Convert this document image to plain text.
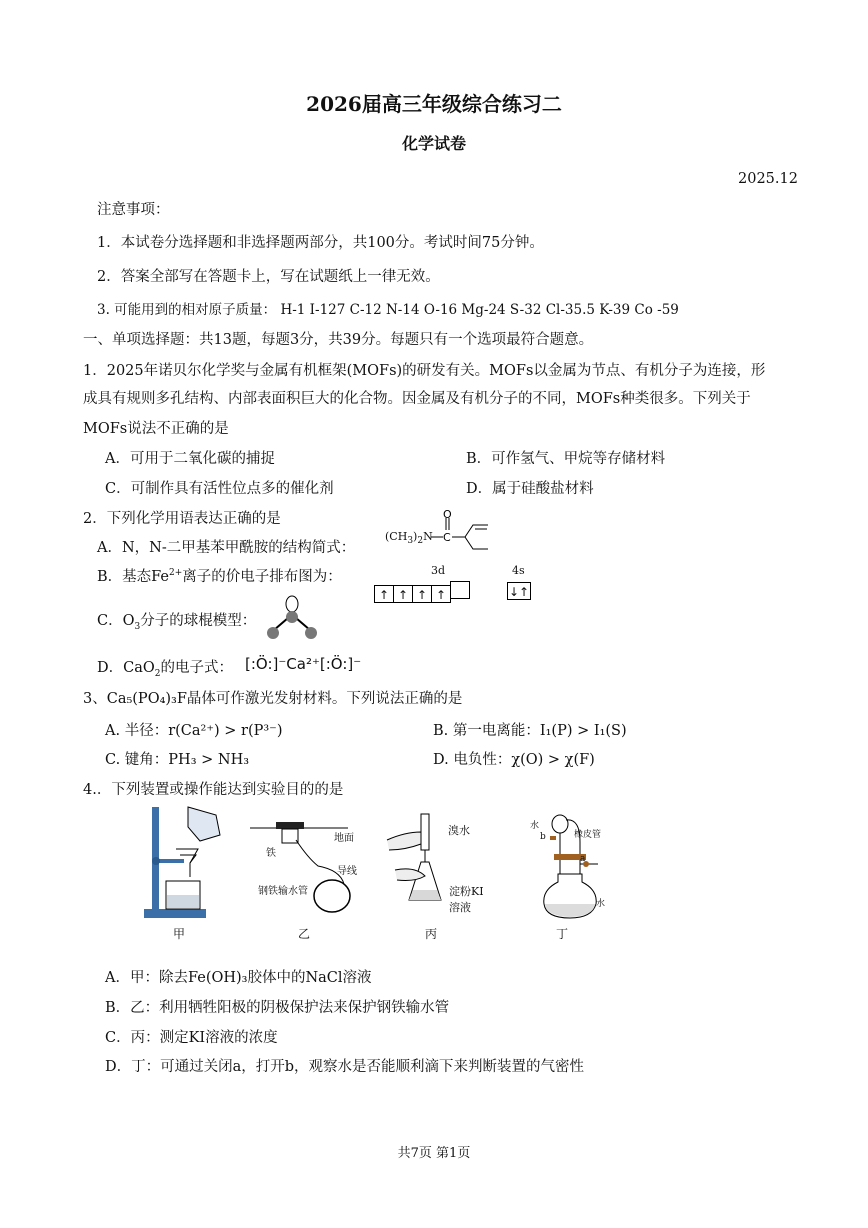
2026届高三年级综合练习二
化学试卷
2025.12
注意事项：
1．本试卷分选择题和非选择题两部分，共100分。考试时间75分钟。
2．答案全部写在答题卡上，写在试题纸上一律无效。
3. 可能用到的相对原子质量： H-1 I-127 C-12 N-14 O-16 Mg-24 S-32 Cl-35.5 K-39 Co -59
一、单项选择题：共13题，每题3分，共39分。每题只有一个选项最符合题意。
1．2025年诺贝尔化学奖与金属有机框架(MOFs)的研发有关。MOFs以金属为节点、有机分子为连接，形
成具有规则多孔结构、内部表面积巨大的化合物。因金属及有机分子的不同，MOFs种类很多。下列关于
MOFs说法不正确的是
A．可用于二氧化碳的捕捉	B．可作氢气、甲烷等存储材料
C．可制作具有活性位点多的催化剂	D．属于硅酸盐材料
2．下列化学用语表达正确的是
A．N，N-二甲基苯甲酰胺的结构简式：
$(CH_3)_2N$ C
O
B．基态$Fe^{2+}$离子的价电子排布图为：	3d	4s
↑ ↑ ↑ ↑	↓↑
C．$O_3$分子的球棍模型：
D．CaO$_2$的电子式： [:Ö:]⁻Ca²⁺[:Ö:]⁻
3、Ca₅(PO₄)₃F晶体可作激光发射材料。下列说法正确的是
A. 半径：r(Ca²⁺) > r(P³⁻)	B. 第一电离能：I₁(P) > I₁(S)
C. 键角：PH₃ > NH₃	D. 电负性：χ(O) > χ(F)
4.．下列装置或操作能达到实验目的的是
甲
地面
铁
导线
钢铁输水管
乙
溴水
淀粉KI
溶液
丙
水
b	橡皮管
a
水
丁
A．甲：除去Fe(OH)₃胶体中的NaCl溶液
B．乙：利用牺牲阳极的阴极保护法来保护钢铁输水管
C．丙：测定KI溶液的浓度
D．丁：可通过关闭a，打开b，观察水是否能顺利滴下来判断装置的气密性
共7页 第1页
